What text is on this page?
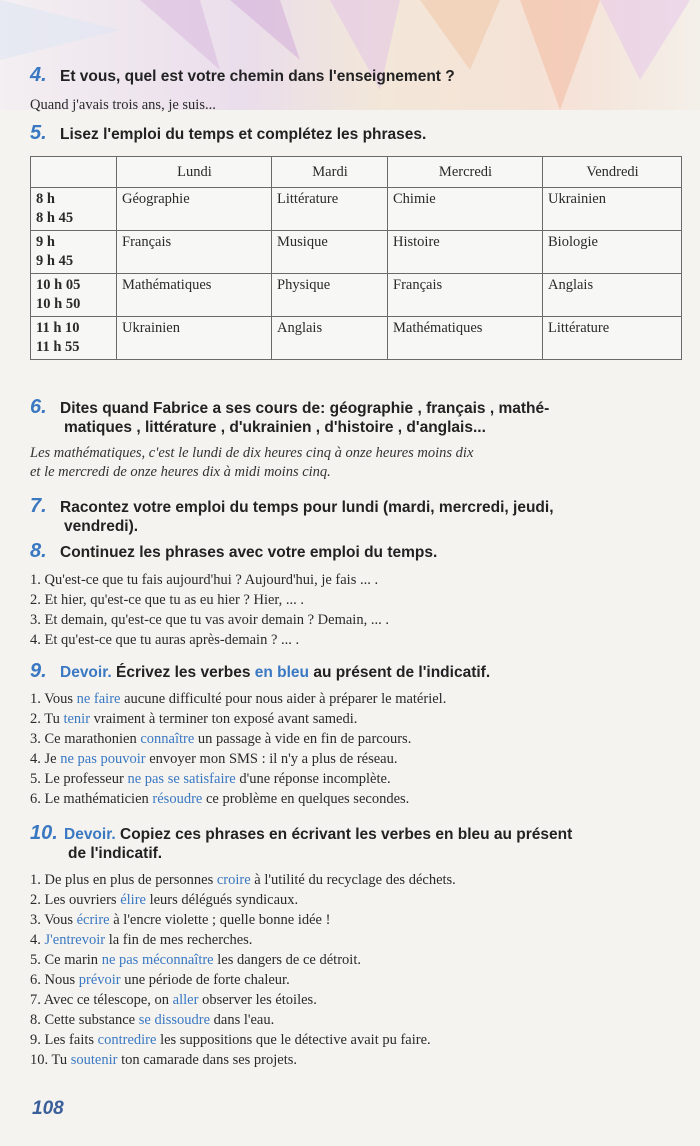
4. Et vous, quel est votre chemin dans l'enseignement ?
Quand j'avais trois ans, je suis...
5. Lisez l'emploi du temps et complétez les phrases.
	Lundi	Mardi	Mercredi	Vendredi
8 h
8 h 45	Géographie	Littérature	Chimie	Ukrainien
9 h
9 h 45	Français	Musique	Histoire	Biologie
10 h 05
10 h 50	Mathématiques	Physique	Français	Anglais
11 h 10
11 h 55	Ukrainien	Anglais	Mathématiques	Littérature
6. Dites quand Fabrice a ses cours de: géographie , français , mathé-
matiques , littérature , d'ukrainien , d'histoire , d'anglais...
Les mathématiques, c'est le lundi de dix heures cinq à onze heures moins dix
et le mercredi de onze heures dix à midi moins cinq.
7. Racontez votre emploi du temps pour lundi (mardi, mercredi, jeudi,
vendredi).
8. Continuez les phrases avec votre emploi du temps.
1. Qu'est-ce que tu fais aujourd'hui ? Aujourd'hui, je fais ... .
2. Et hier, qu'est-ce que tu as eu hier ? Hier, ... .
3. Et demain, qu'est-ce que tu vas avoir demain ? Demain, ... .
4. Et qu'est-ce que tu auras après-demain ? ... .
9. Devoir. Écrivez les verbes en bleu au présent de l'indicatif.
1. Vous ne faire aucune difficulté pour nous aider à préparer le matériel.
2. Tu tenir vraiment à terminer ton exposé avant samedi.
3. Ce marathonien connaître un passage à vide en fin de parcours.
4. Je ne pas pouvoir envoyer mon SMS : il n'y a plus de réseau.
5. Le professeur ne pas se satisfaire d'une réponse incomplète.
6. Le mathématicien résoudre ce problème en quelques secondes.
10. Devoir. Copiez ces phrases en écrivant les verbes en bleu au présent
de l'indicatif.
1. De plus en plus de personnes croire à l'utilité du recyclage des déchets.
2. Les ouvriers élire leurs délégués syndicaux.
3. Vous écrire à l'encre violette ; quelle bonne idée !
4. J'entrevoir la fin de mes recherches.
5. Ce marin ne pas méconnaître les dangers de ce détroit.
6. Nous prévoir une période de forte chaleur.
7. Avec ce télescope, on aller observer les étoiles.
8. Cette substance se dissoudre dans l'eau.
9. Les faits contredire les suppositions que le détective avait pu faire.
10. Tu soutenir ton camarade dans ses projets.
108
